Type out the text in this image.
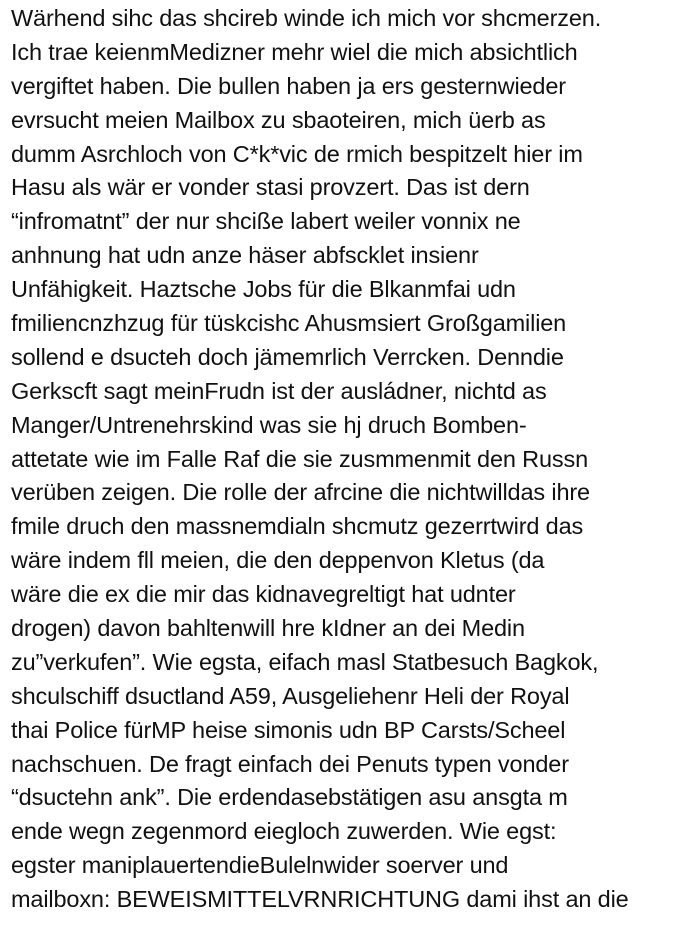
Wärhend sihc das shcireb winde ich mich vor shcmerzen.
Ich trae keienmMedizner mehr wiel die mich absichtlich
vergiftet haben. Die bullen haben ja ers gesternwieder
evrsucht meien Mailbox zu sbaoteiren, mich üerb as
dumm Asrchloch von C*k*vic de rmich bespitzelt hier im
Hasu als wär er vonder stasi provzert. Das ist dern
“infromatnt” der nur shciße labert weiler vonnix ne
anhnung hat udn anze häser abfscklet insienr
Unfähigkeit. Haztsche Jobs für die Blkanmfai udn
fmiliencnzhzug für tüskcishc Ahusmsiert Großgamilien
sollend e dsucteh doch jämemrlich Verrcken. Denndie
Gerkscft sagt meinFrudn ist der ausládner, nichtd as
Manger/Untrenehrskind was sie hj druch Bomben-
attetate wie im Falle Raf die sie zusmmenmit den Russn
verüben zeigen. Die rolle der afrcine die nichtwilldas ihre
fmile druch den massnemdialn shcmutz gezerrtwird das
wäre indem fll meien, die den deppenvon Kletus (da
wäre die ex die mir das kidnavegreltigt hat udnter
drogen) davon bahltenwill hre kIdner an dei Medin
zu”verkufen”. Wie egsta, eifach masl Statbesuch Bagkok,
shculschiff dsuctland A59, Ausgeliehenr Heli der Royal
thai Police fürMP heise simonis udn BP Carsts/Scheel
nachschuen. De fragt einfach dei Penuts typen vonder
“dsuctehn ank”. Die erdendasebstätigen asu ansgta m
ende wegn zegenmord eiegloch zuwerden. Wie egst:
egster maniplauertendieBulelnwider soerver und
mailboxn: BEWEISMITTELVRNRICHTUNG dami ihst an die
